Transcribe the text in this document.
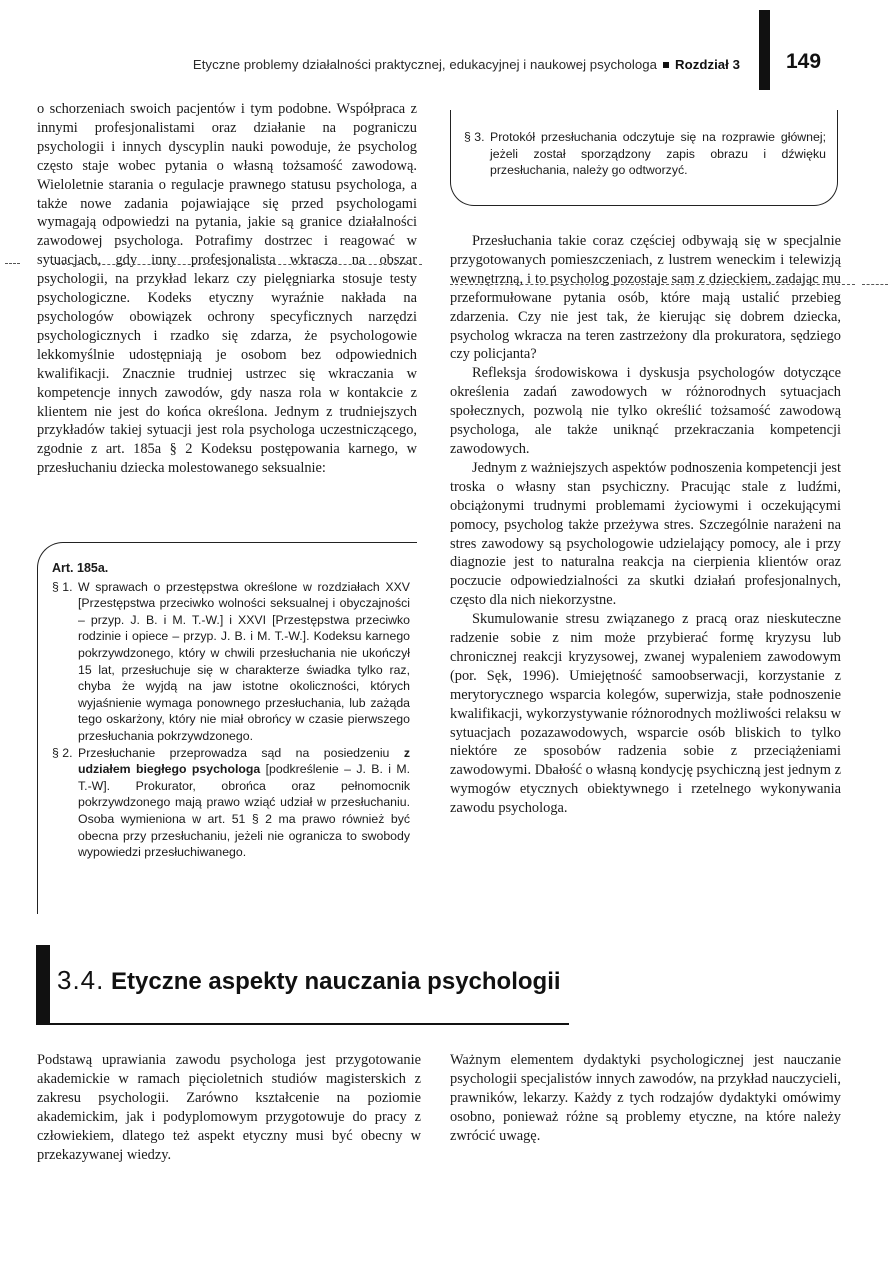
Etyczne problemy działalności praktycznej, edukacyjnej i naukowej psychologa Rozdział 3 149

o schorzeniach swoich pacjentów i tym podobne. Współpraca z innymi profesjonalistami oraz działanie na pograniczu psychologii i innych dyscyplin nauki powoduje, że psycholog często staje wobec pytania o własną tożsamość zawodową. Wieloletnie starania o regulacje prawnego statusu psychologa, a także nowe zadania pojawiające się przed psychologami wymagają odpowiedzi na pytania, jakie są granice działalności zawodowej psychologa. Potrafimy dostrzec i reagować w sytuacjach, gdy inny profesjonalista wkracza na obszar psychologii, na przykład lekarz czy pielęgniarka stosuje testy psychologiczne. Kodeks etyczny wyraźnie nakłada na psychologów obowiązek ochrony specyficznych narzędzi psychologicznych i rzadko się zdarza, że psychologowie lekkomyślnie udostępniają je osobom bez odpowiednich kwalifikacji. Znacznie trudniej ustrzec się wkraczania w kompetencje innych zawodów, gdy nasza rola w kontakcie z klientem nie jest do końca określona. Jednym z trudniejszych przykładów takiej sytuacji jest rola psychologa uczestniczącego, zgodnie z art. 185a § 2 Kodeksu postępowania karnego, w przesłuchaniu dziecka molestowanego seksualnie:

Art. 185a.
§ 1. W sprawach o przestępstwa określone w rozdziałach XXV [Przestępstwa przeciwko wolności seksualnej i obyczajności – przyp. J. B. i M. T.-W.] i XXVI [Przestępstwa przeciwko rodzinie i opiece – przyp. J. B. i M. T.-W.]. Kodeksu karnego pokrzywdzonego, który w chwili przesłuchania nie ukończył 15 lat, przesłuchuje się w charakterze świadka tylko raz, chyba że wyjdą na jaw istotne okoliczności, których wyjaśnienie wymaga ponownego przesłuchania, lub zażąda tego oskarżony, który nie miał obrońcy w czasie pierwszego przesłuchania pokrzywdzonego.
§ 2. Przesłuchanie przeprowadza sąd na posiedzeniu z udziałem biegłego psychologa [podkreślenie – J. B. i M. T.-W]. Prokurator, obrońca oraz pełnomocnik pokrzywdzonego mają prawo wziąć udział w przesłuchaniu. Osoba wymieniona w art. 51 § 2 ma prawo również być obecna przy przesłuchaniu, jeżeli nie ogranicza to swobody wypowiedzi przesłuchiwanego.
§ 3. Protokół przesłuchania odczytuje się na rozprawie głównej; jeżeli został sporządzony zapis obrazu i dźwięku przesłuchania, należy go odtworzyć.

Przesłuchania takie coraz częściej odbywają się w specjalnie przygotowanych pomieszczeniach, z lustrem weneckim i telewizją wewnętrzną, i to psycholog pozostaje sam z dzieckiem, zadając mu przeformułowane pytania osób, które mają ustalić przebieg zdarzenia. Czy nie jest tak, że kierując się dobrem dziecka, psycholog wkracza na teren zastrzeżony dla prokuratora, sędziego czy policjanta?

Refleksja środowiskowa i dyskusja psychologów dotyczące określenia zadań zawodowych w różnorodnych sytuacjach społecznych, pozwolą nie tylko określić tożsamość zawodową psychologa, ale także uniknąć przekraczania kompetencji zawodowych.

Jednym z ważniejszych aspektów podnoszenia kompetencji jest troska o własny stan psychiczny. Pracując stale z ludźmi, obciążonymi trudnymi problemami życiowymi i oczekującymi pomocy, psycholog także przeżywa stres. Szczególnie narażeni na stres zawodowy są psychologowie udzielający pomocy, ale i przy diagnozie jest to naturalna reakcja na cierpienia klientów oraz poczucie odpowiedzialności za skutki działań profesjonalnych, często dla nich niekorzystne.

Skumulowanie stresu związanego z pracą oraz nieskuteczne radzenie sobie z nim może przybierać formę kryzysu lub chronicznej reakcji kryzysowej, zwanej wypaleniem zawodowym (por. Sęk, 1996). Umiejętność samoobserwacji, korzystanie z merytorycznego wsparcia kolegów, superwizja, stałe podnoszenie kwalifikacji, wykorzystywanie różnorodnych możliwości relaksu w sytuacjach pozazawodowych, wsparcie osób bliskich to tylko niektóre ze sposobów radzenia sobie z przeciążeniami zawodowymi. Dbałość o własną kondycję psychiczną jest jednym z wymogów etycznych obiektywnego i rzetelnego wykonywania zawodu psychologa.

3.4. Etyczne aspekty nauczania psychologii

Podstawą uprawiania zawodu psychologa jest przygotowanie akademickie w ramach pięcioletnich studiów magisterskich z zakresu psychologii. Zarówno kształcenie na poziomie akademickim, jak i podyplomowym przygotowuje do pracy z człowiekiem, dlatego też aspekt etyczny musi być obecny w przekazywanej wiedzy.

Ważnym elementem dydaktyki psychologicznej jest nauczanie psychologii specjalistów innych zawodów, na przykład nauczycieli, prawników, lekarzy. Każdy z tych rodzajów dydaktyki omówimy osobno, ponieważ różne są problemy etyczne, na które należy zwrócić uwagę.
